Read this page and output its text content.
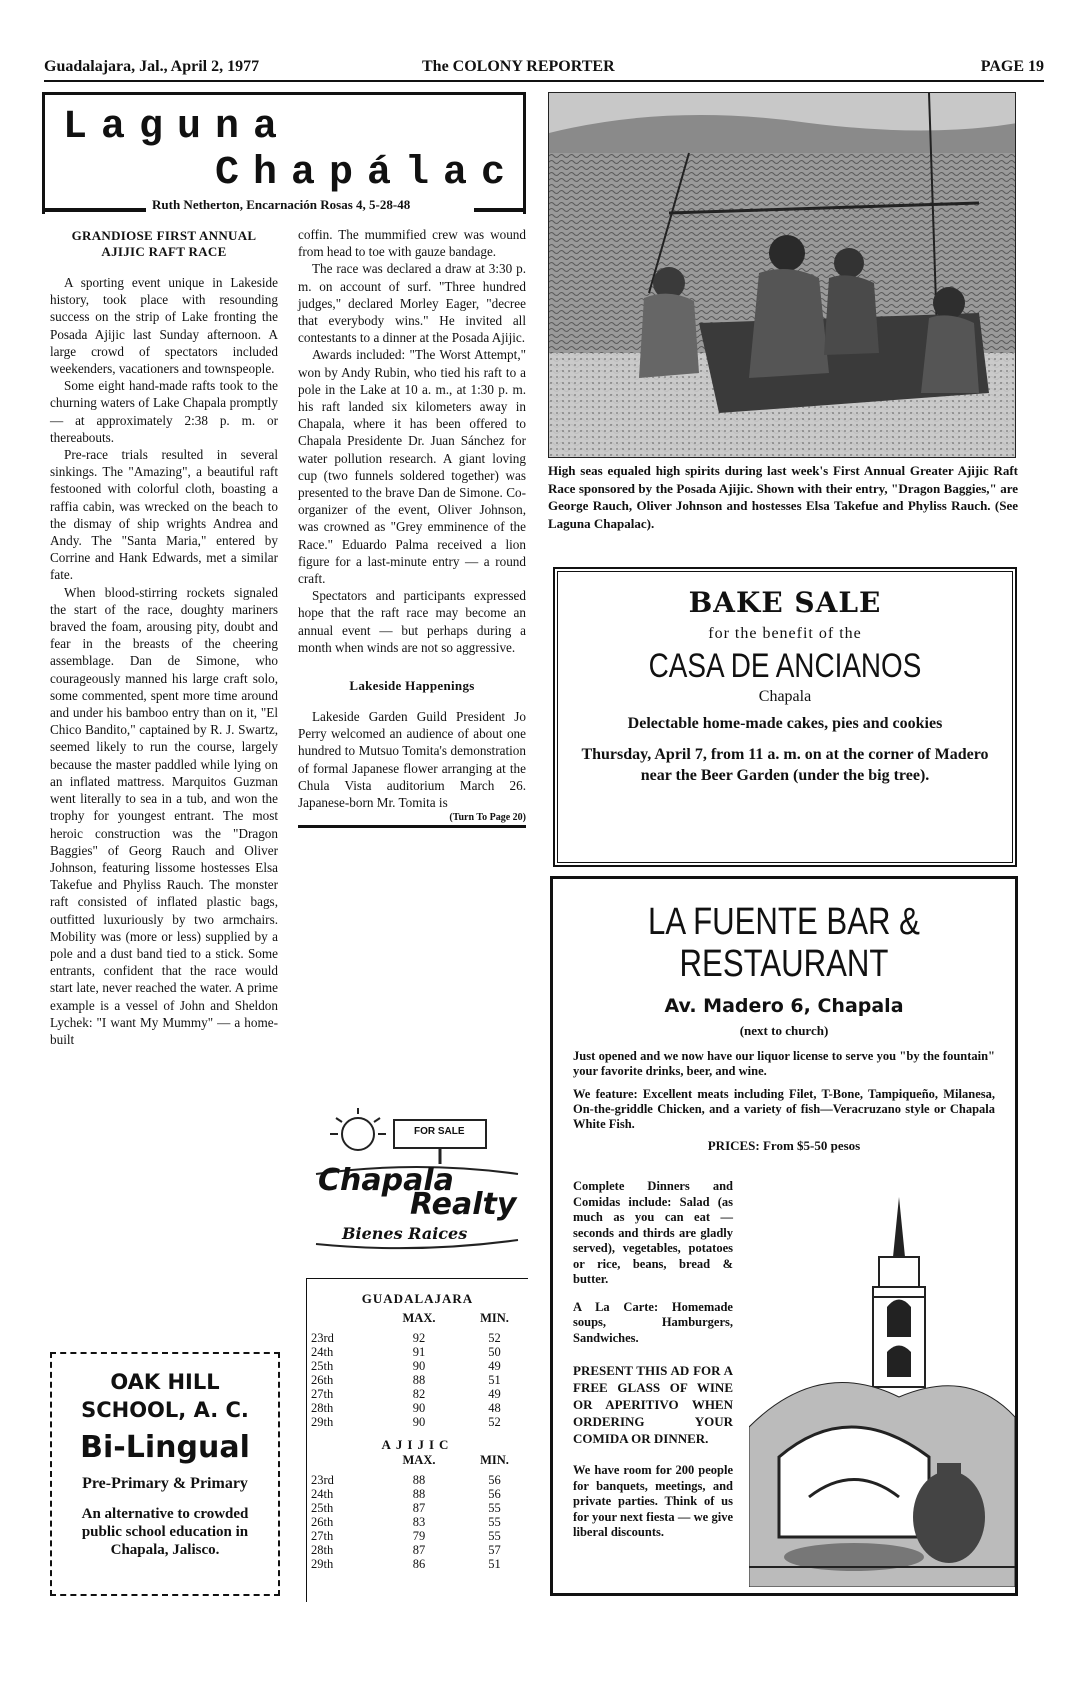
Guadalajara, Jal., April 2, 1977	The COLONY REPORTER	PAGE 19
Laguna
Chapálac
Ruth Netherton, Encarnación Rosas 4, 5-28-48
GRANDIOSE FIRST ANNUAL
AJIJIC RAFT RACE

A sporting event unique in Lakeside history, took place with resounding success on the strip of Lake fronting the Posada Ajijic last Sunday afternoon. A large crowd of spectators included weekenders, vacationers and townspeople.

Some eight hand-made rafts took to the churning waters of Lake Chapala promptly — at approximately 2:38 p. m. or thereabouts.

Pre-race trials resulted in several sinkings. The "Amazing", a beautiful raft festooned with colorful cloth, boasting a raffia cabin, was wrecked on the beach to the dismay of ship wrights Andrea and Andy. The "Santa Maria," entered by Corrine and Hank Edwards, met a similar fate.

When blood-stirring rockets signaled the start of the race, doughty mariners braved the foam, arousing pity, doubt and fear in the breasts of the cheering assemblage. Dan de Simone, who courageously manned his large craft solo, some commented, spent more time around and under his bamboo entry than on it, "El Chico Bandito," captained by R. J. Swartz, seemed likely to run the course, largely because the master paddled while lying on an inflated mattress. Marquitos Guzman went literally to sea in a tub, and won the trophy for youngest entrant. The most heroic construction was the "Dragon Baggies" of Georg Rauch and Oliver Johnson, featuring lissome hostesses Elsa Takefue and Phyliss Rauch. The monster raft consisted of inflated plastic bags, outfitted luxuriously by two armchairs. Mobility was (more or less) supplied by a pole and a dust band tied to a stick. Some entrants, confident that the race would start late, never reached the water. A prime example is a vessel of John and Sheldon Lychek: "I want My Mummy" — a home-built

coffin. The mummified crew was wound from head to toe with gauze bandage.

The race was declared a draw at 3:30 p. m. on account of surf. "Three hundred judges," declared Morley Eager, "decree that everybody wins." He invited all contestants to a dinner at the Posada Ajijic.

Awards included: "The Worst Attempt," won by Andy Rubin, who tied his raft to a pole in the Lake at 10 a. m., at 1:30 p. m. his raft landed six kilometers away in Chapala, where it has been offered to Chapala Presidente Dr. Juan Sánchez for water pollution research. A giant loving cup (two funnels soldered together) was presented to the brave Dan de Simone. Co-organizer of the event, Oliver Johnson, was crowned as "Grey emminence of the Race." Eduardo Palma received a lion figure for a last-minute entry — a round craft.

Spectators and participants expressed hope that the raft race may become an annual event — but perhaps during a month when winds are not so aggressive.

Lakeside Happenings

Lakeside Garden Guild President Jo Perry welcomed an audience of about one hundred to Mutsuo Tomita's demonstration of formal Japanese flower arranging at the Chula Vista auditorium March 26. Japanese-born Mr. Tomita is

(Turn To Page 20)
High seas equaled high spirits during last week's First Annual Greater Ajijic Raft Race sponsored by the Posada Ajijic. Shown with their entry, "Dragon Baggies," are George Rauch, Oliver Johnson and hostesses Elsa Takefue and Phyliss Rauch. (See Laguna Chapalac).
BAKE SALE
for the benefit of the
CASA DE ANCIANOS
Chapala
Delectable home-made cakes, pies and cookies
Thursday, April 7, from 11 a. m. on at the corner of Madero near the Beer Garden (under the big tree).
LA FUENTE BAR & RESTAURANT
Av. Madero 6, Chapala
(next to church)
Just opened and we now have our liquor license to serve you "by the fountain" your favorite drinks, beer, and wine.
We feature: Excellent meats including Filet, T-Bone, Tampiqueño, Milanesa, On-the-griddle Chicken, and a variety of fish—Veracruzano style or Chapala White Fish.
PRICES: From $5-50 pesos
Complete Dinners and Comidas include: Salad (as much as you can eat — seconds and thirds are gladly served), vegetables, potatoes or rice, beans, bread & butter.
A La Carte: Homemade soups, Hamburgers, Sandwiches.
PRESENT THIS AD FOR A FREE GLASS OF WINE OR APERITIVO WHEN ORDERING YOUR COMIDA OR DINNER.
We have room for 200 people for banquets, meetings, and private parties. Think of us for your next fiesta — we give liberal discounts.
FOR SALE
Chapala
Realty
Bienes Raices
GUADALAJARA
	MAX.	MIN.

23rd	92	52
24th	91	50
25th	90	49
26th	88	51
27th	82	49
28th	90	48
29th	90	52
AJIJIC
	MAX.	MIN.

23rd	88	56
24th	88	56
25th	87	55
26th	83	55
27th	79	55
28th	87	57
29th	86	51
OAK HILL
SCHOOL, A. C.
Bi-Lingual
Pre-Primary & Primary
An alternative to crowded public school education in Chapala, Jalisco.
